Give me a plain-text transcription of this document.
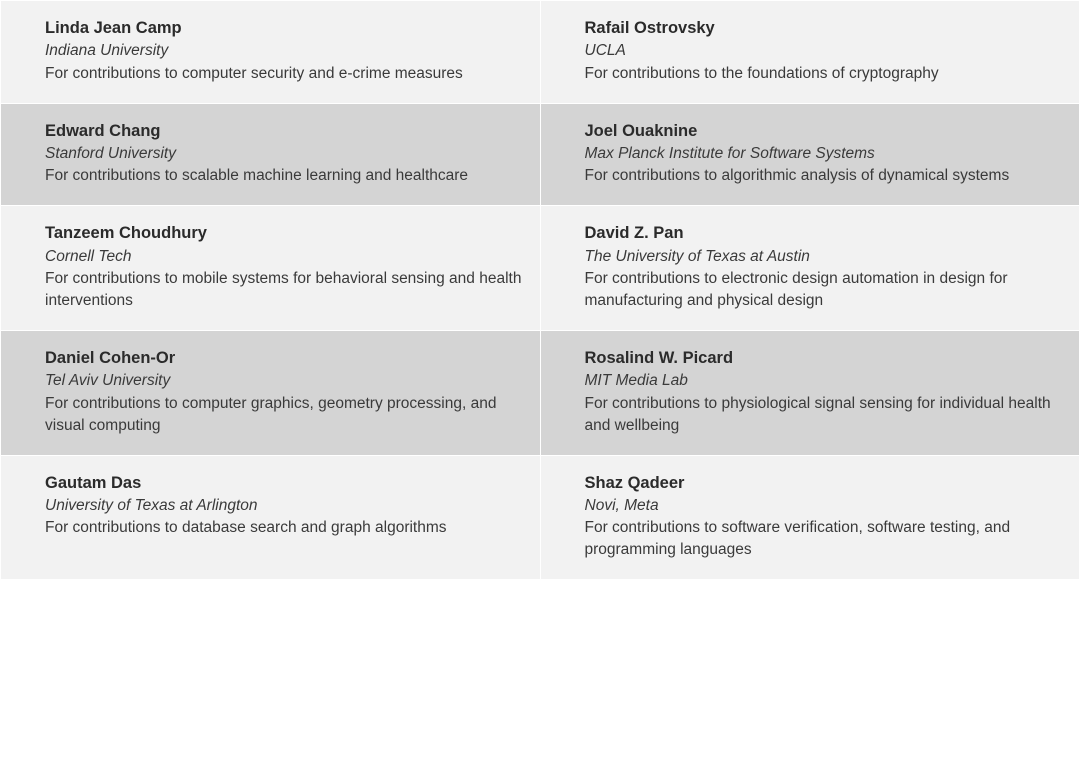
Linda Jean Camp

Indiana University

For contributions to computer security and e-crime measures

Rafail Ostrovsky

UCLA

For contributions to the foundations of cryptography

Edward Chang

Stanford University

For contributions to scalable machine learning and healthcare

Joel Ouaknine

Max Planck Institute for Software Systems

For contributions to algorithmic analysis of dynamical systems

Tanzeem Choudhury

Cornell Tech

For contributions to mobile systems for behavioral sensing and health interventions

David Z. Pan

The University of Texas at Austin

For contributions to electronic design automation in design for manufacturing and physical design

Daniel Cohen-Or

Tel Aviv University

For contributions to computer graphics, geometry processing, and visual computing

Rosalind W. Picard

MIT Media Lab

For contributions to physiological signal sensing for individual health and wellbeing

Gautam Das

University of Texas at Arlington

For contributions to database search and graph algorithms

Shaz Qadeer

Novi, Meta

For contributions to software verification, software testing, and programming languages
